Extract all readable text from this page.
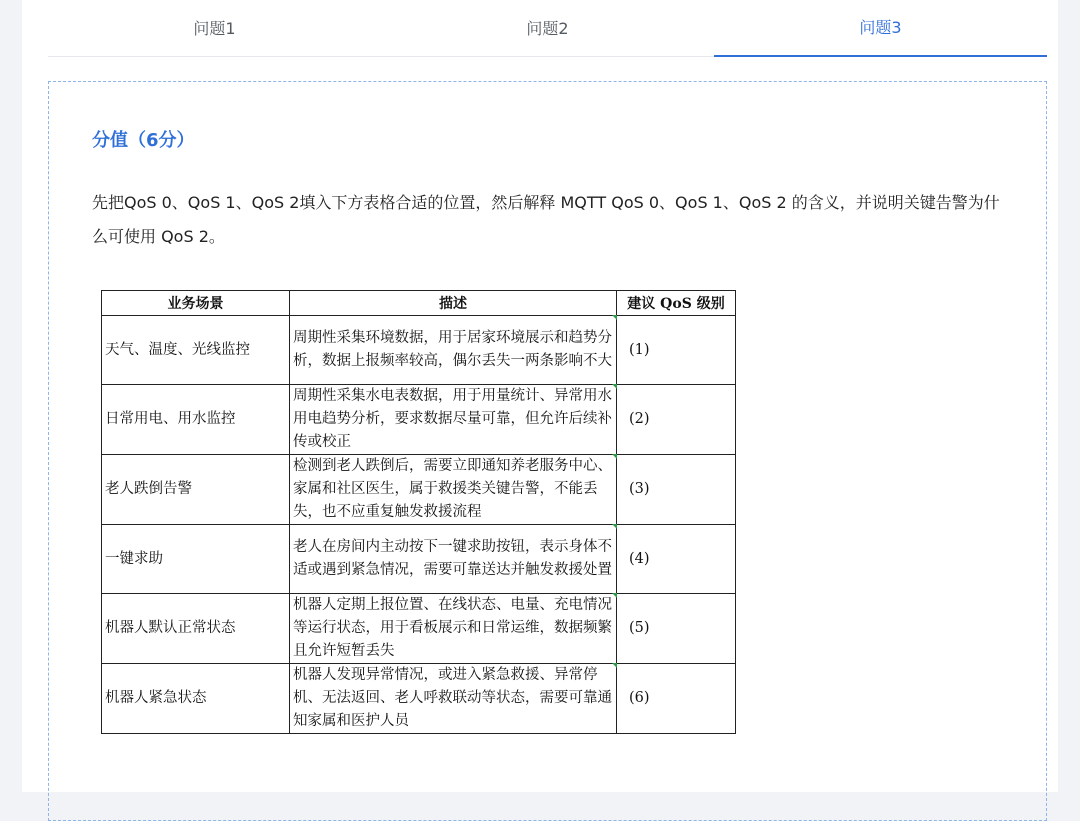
问题1	问题2	问题3
分值（6分）
先把QoS 0、QoS 1、QoS 2填入下方表格合适的位置，然后解释 MQTT QoS 0、QoS 1、QoS 2 的含义，并说明关键告警为什么可使用 QoS 2。
业务场景	描述	建议 QoS 级别
天气、温度、光线监控	周期性采集环境数据，用于居家环境展示和趋势分析，数据上报频率较高，偶尔丢失一两条影响不大	(1)
日常用电、用水监控	周期性采集水电表数据，用于用量统计、异常用水用电趋势分析，要求数据尽量可靠，但允许后续补传或校正	(2)
老人跌倒告警	检测到老人跌倒后，需要立即通知养老服务中心、家属和社区医生，属于救援类关键告警，不能丢失，也不应重复触发救援流程	(3)
一键求助	老人在房间内主动按下一键求助按钮，表示身体不适或遇到紧急情况，需要可靠送达并触发救援处置	(4)
机器人默认正常状态	机器人定期上报位置、在线状态、电量、充电情况等运行状态，用于看板展示和日常运维，数据频繁且允许短暂丢失	(5)
机器人紧急状态	机器人发现异常情况，或进入紧急救援、异常停机、无法返回、老人呼救联动等状态，需要可靠通知家属和医护人员	(6)
